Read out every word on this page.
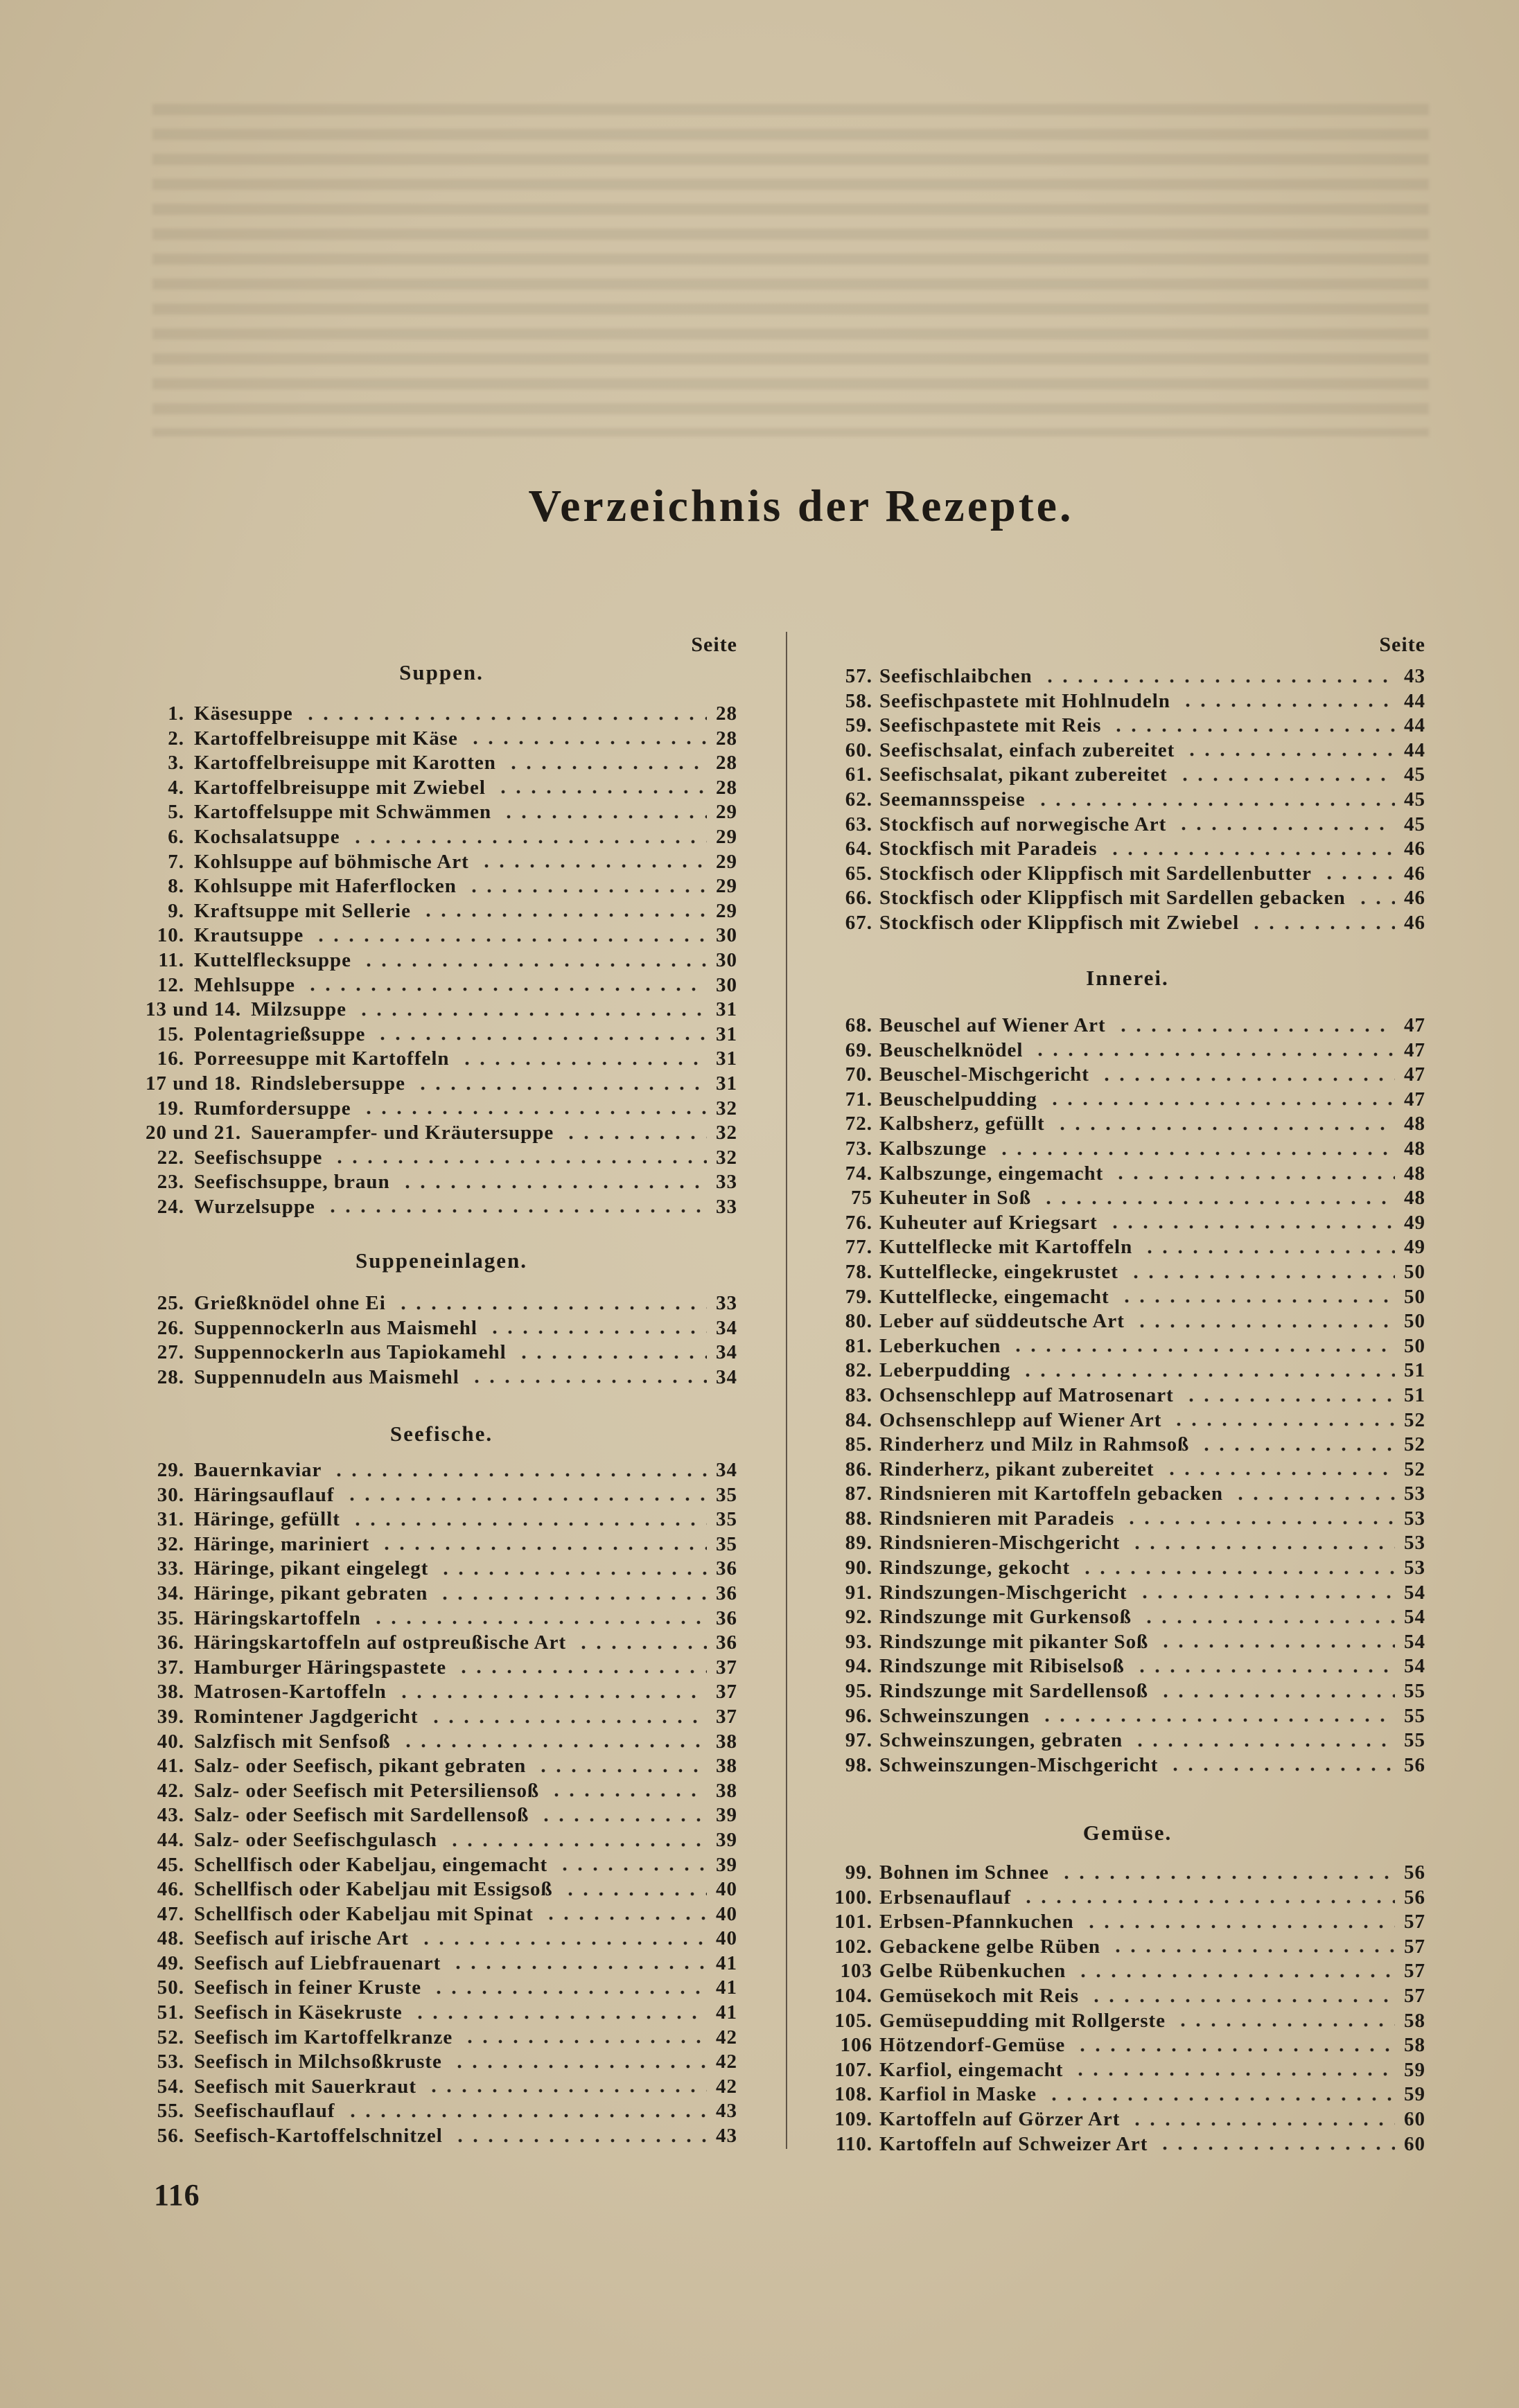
Verzeichnis der Rezepte.
Seite
Suppen.
1. Käsesuppe	28
2. Kartoffelbreisuppe mit Käse	28
3. Kartoffelbreisuppe mit Karotten	28
4. Kartoffelbreisuppe mit Zwiebel	28
5. Kartoffelsuppe mit Schwämmen	29
6. Kochsalatsuppe	29
7. Kohlsuppe auf böhmische Art	29
8. Kohlsuppe mit Haferflocken	29
9. Kraftsuppe mit Sellerie	29
10. Krautsuppe	30
11. Kuttelflecksuppe	30
12. Mehlsuppe	30
13 und 14. Milzsuppe	31
15. Polentagrießsuppe	31
16. Porreesuppe mit Kartoffeln	31
17 und 18. Rindslebersuppe	31
19. Rumfordersuppe	32
20 und 21. Sauerampfer- und Kräutersuppe	32
22. Seefischsuppe	32
23. Seefischsuppe, braun	33
24. Wurzelsuppe	33
Suppeneinlagen.
25. Grießknödel ohne Ei	33
26. Suppennockerln aus Maismehl	34
27. Suppennockerln aus Tapiokamehl	34
28. Suppennudeln aus Maismehl	34
Seefische.
29. Bauernkaviar	34
30. Häringsauflauf	35
31. Häringe, gefüllt	35
32. Häringe, mariniert	35
33. Häringe, pikant eingelegt	36
34. Häringe, pikant gebraten	36
35. Häringskartoffeln	36
36. Häringskartoffeln auf ostpreußische Art	36
37. Hamburger Häringspastete	37
38. Matrosen-Kartoffeln	37
39. Romintener Jagdgericht	37
40. Salzfisch mit Senfsoß	38
41. Salz- oder Seefisch, pikant gebraten	38
42. Salz- oder Seefisch mit Petersiliensoß	38
43. Salz- oder Seefisch mit Sardellensoß	39
44. Salz- oder Seefischgulasch	39
45. Schellfisch oder Kabeljau, eingemacht	39
46. Schellfisch oder Kabeljau mit Essigsoß	40
47. Schellfisch oder Kabeljau mit Spinat	40
48. Seefisch auf irische Art	40
49. Seefisch auf Liebfrauenart	41
50. Seefisch in feiner Kruste	41
51. Seefisch in Käsekruste	41
52. Seefisch im Kartoffelkranze	42
53. Seefisch in Milchsoßkruste	42
54. Seefisch mit Sauerkraut	42
55. Seefischauflauf	43
56. Seefisch-Kartoffelschnitzel	43
Seite
57. Seefischlaibchen	43
58. Seefischpastete mit Hohlnudeln	44
59. Seefischpastete mit Reis	44
60. Seefischsalat, einfach zubereitet	44
61. Seefischsalat, pikant zubereitet	45
62. Seemannsspeise	45
63. Stockfisch auf norwegische Art	45
64. Stockfisch mit Paradeis	46
65. Stockfisch oder Klippfisch mit Sardellenbutter	46
66. Stockfisch oder Klippfisch mit Sardellen gebacken	46
67. Stockfisch oder Klippfisch mit Zwiebel	46
Innerei.
68. Beuschel auf Wiener Art	47
69. Beuschelknödel	47
70. Beuschel-Mischgericht	47
71. Beuschelpudding	47
72. Kalbsherz, gefüllt	48
73. Kalbszunge	48
74. Kalbszunge, eingemacht	48
75 Kuheuter in Soß	48
76. Kuheuter auf Kriegsart	49
77. Kuttelflecke mit Kartoffeln	49
78. Kuttelflecke, eingekrustet	50
79. Kuttelflecke, eingemacht	50
80. Leber auf süddeutsche Art	50
81. Leberkuchen	50
82. Leberpudding	51
83. Ochsenschlepp auf Matrosenart	51
84. Ochsenschlepp auf Wiener Art	52
85. Rinderherz und Milz in Rahmsoß	52
86. Rinderherz, pikant zubereitet	52
87. Rindsnieren mit Kartoffeln gebacken	53
88. Rindsnieren mit Paradeis	53
89. Rindsnieren-Mischgericht	53
90. Rindszunge, gekocht	53
91. Rindszungen-Mischgericht	54
92. Rindszunge mit Gurkensoß	54
93. Rindszunge mit pikanter Soß	54
94. Rindszunge mit Ribiselsoß	54
95. Rindszunge mit Sardellensoß	55
96. Schweinszungen	55
97. Schweinszungen, gebraten	55
98. Schweinszungen-Mischgericht	56
Gemüse.
99. Bohnen im Schnee	56
100. Erbsenauflauf	56
101. Erbsen-Pfannkuchen	57
102. Gebackene gelbe Rüben	57
103 Gelbe Rübenkuchen	57
104. Gemüsekoch mit Reis	57
105. Gemüsepudding mit Rollgerste	58
106 Hötzendorf-Gemüse	58
107. Karfiol, eingemacht	59
108. Karfiol in Maske	59
109. Kartoffeln auf Görzer Art	60
110. Kartoffeln auf Schweizer Art	60
116
